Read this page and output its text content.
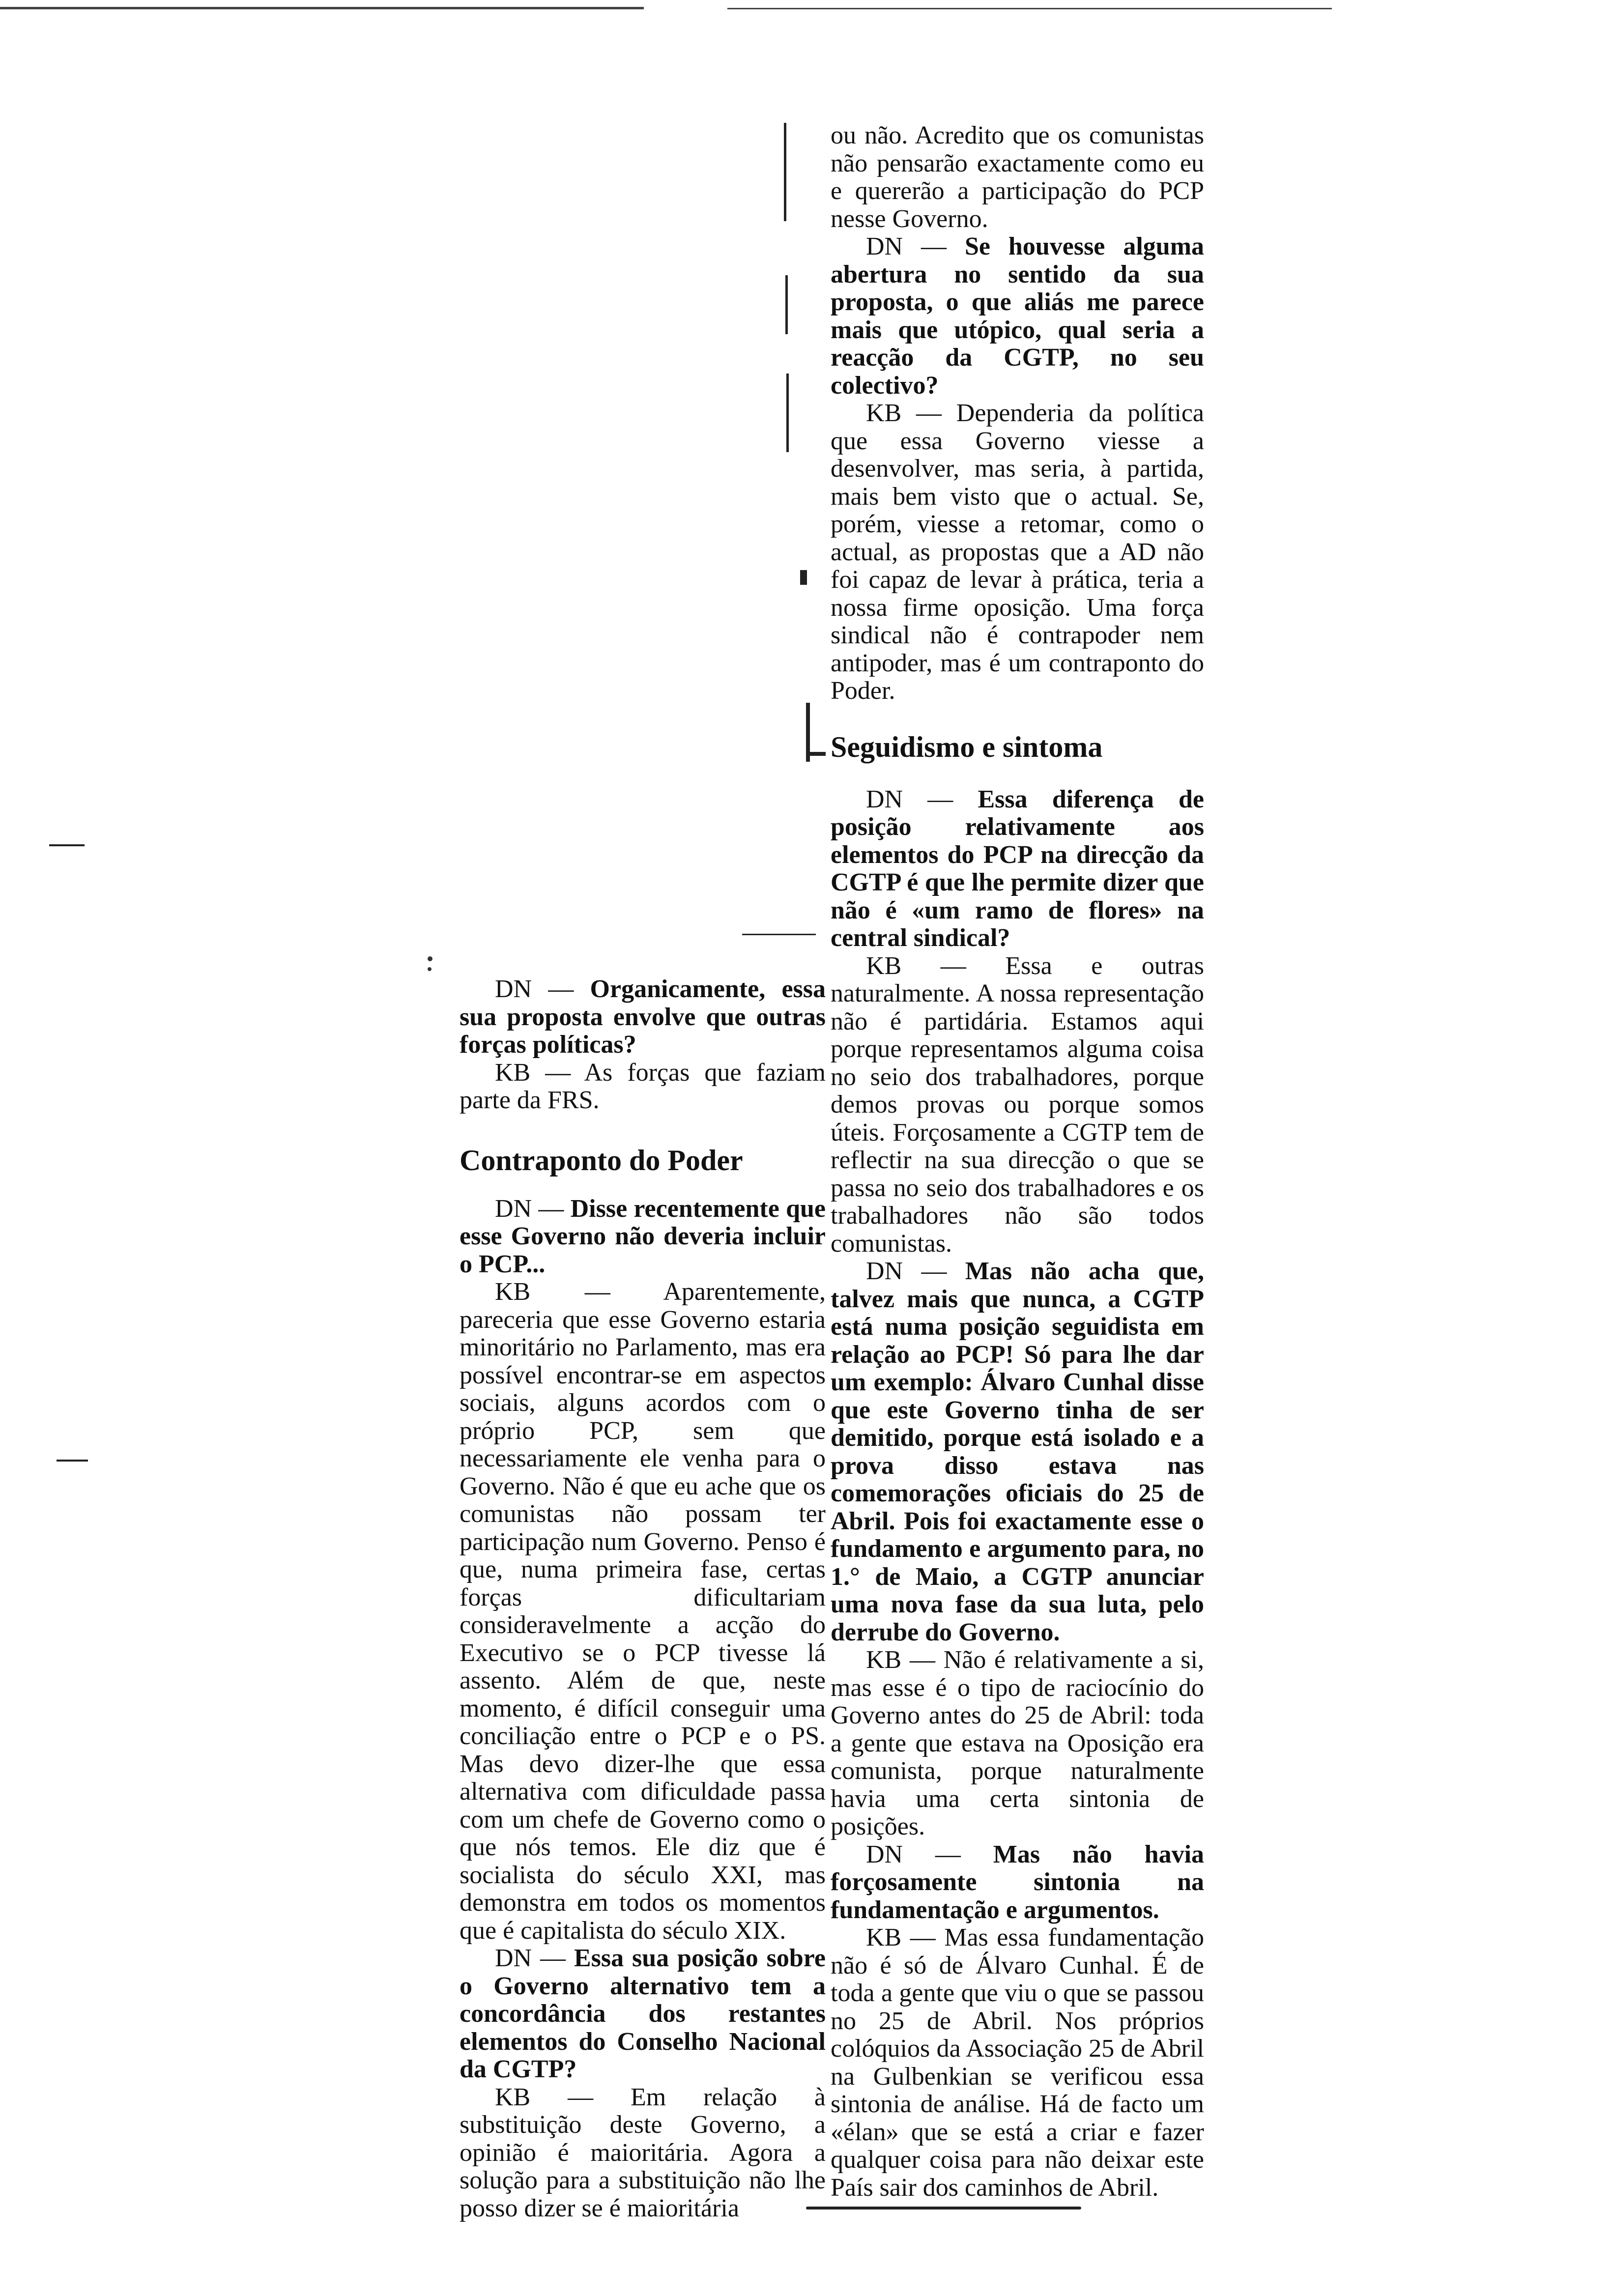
DN — Organicamente, essa sua proposta envolve que outras forças políticas?

KB — As forças que faziam parte da FRS.

Contraponto do Poder

DN — Disse recentemente que esse Governo não deveria incluir o PCP...

KB — Aparentemente, pareceria que esse Governo estaria minoritário no Parlamento, mas era possível encontrar-se em aspectos sociais, alguns acordos com o próprio PCP, sem que necessariamente ele venha para o Governo. Não é que eu ache que os comunistas não possam ter participação num Governo. Penso é que, numa primeira fase, certas forças dificultariam consideravelmente a acção do Executivo se o PCP tivesse lá assento. Além de que, neste momento, é difícil conseguir uma conciliação entre o PCP e o PS. Mas devo dizer-lhe que essa alternativa com dificuldade passa com um chefe de Governo como o que nós temos. Ele diz que é socialista do século XXI, mas demonstra em todos os momentos que é capitalista do século XIX.

DN — Essa sua posição sobre o Governo alternativo tem a concordância dos restantes elementos do Conselho Nacional da CGTP?

KB — Em relação à substituição deste Governo, a opinião é maioritária. Agora a solução para a substituição não lhe posso dizer se é maioritária

ou não. Acredito que os comunistas não pensarão exactamente como eu e quererão a participação do PCP nesse Governo.

DN — Se houvesse alguma abertura no sentido da sua proposta, o que aliás me parece mais que utópico, qual seria a reacção da CGTP, no seu colectivo?

KB — Dependeria da política que essa Governo viesse a desenvolver, mas seria, à partida, mais bem visto que o actual. Se, porém, viesse a retomar, como o actual, as propostas que a AD não foi capaz de levar à prática, teria a nossa firme oposição. Uma força sindical não é contrapoder nem antipoder, mas é um contraponto do Poder.

Seguidismo e sintoma

DN — Essa diferença de posição relativamente aos elementos do PCP na direcção da CGTP é que lhe permite dizer que não é «um ramo de flores» na central sindical?

KB — Essa e outras naturalmente. A nossa representação não é partidária. Estamos aqui porque representamos alguma coisa no seio dos trabalhadores, porque demos provas ou porque somos úteis. Forçosamente a CGTP tem de reflectir na sua direcção o que se passa no seio dos trabalhadores e os trabalhadores não são todos comunistas.

DN — Mas não acha que, talvez mais que nunca, a CGTP está numa posição seguidista em relação ao PCP! Só para lhe dar um exemplo: Álvaro Cunhal disse que este Governo tinha de ser demitido, porque está isolado e a prova disso estava nas comemorações oficiais do 25 de Abril. Pois foi exactamente esse o fundamento e argumento para, no 1.° de Maio, a CGTP anunciar uma nova fase da sua luta, pelo derrube do Governo.

KB — Não é relativamente a si, mas esse é o tipo de raciocínio do Governo antes do 25 de Abril: toda a gente que estava na Oposição era comunista, porque naturalmente havia uma certa sintonia de posições.

DN — Mas não havia forçosamente sintonia na fundamentação e argumentos.

KB — Mas essa fundamentação não é só de Álvaro Cunhal. É de toda a gente que viu o que se passou no 25 de Abril. Nos próprios colóquios da Associação 25 de Abril na Gulbenkian se verificou essa sintonia de análise. Há de facto um «élan» que se está a criar e fazer qualquer coisa para não deixar este País sair dos caminhos de Abril.
